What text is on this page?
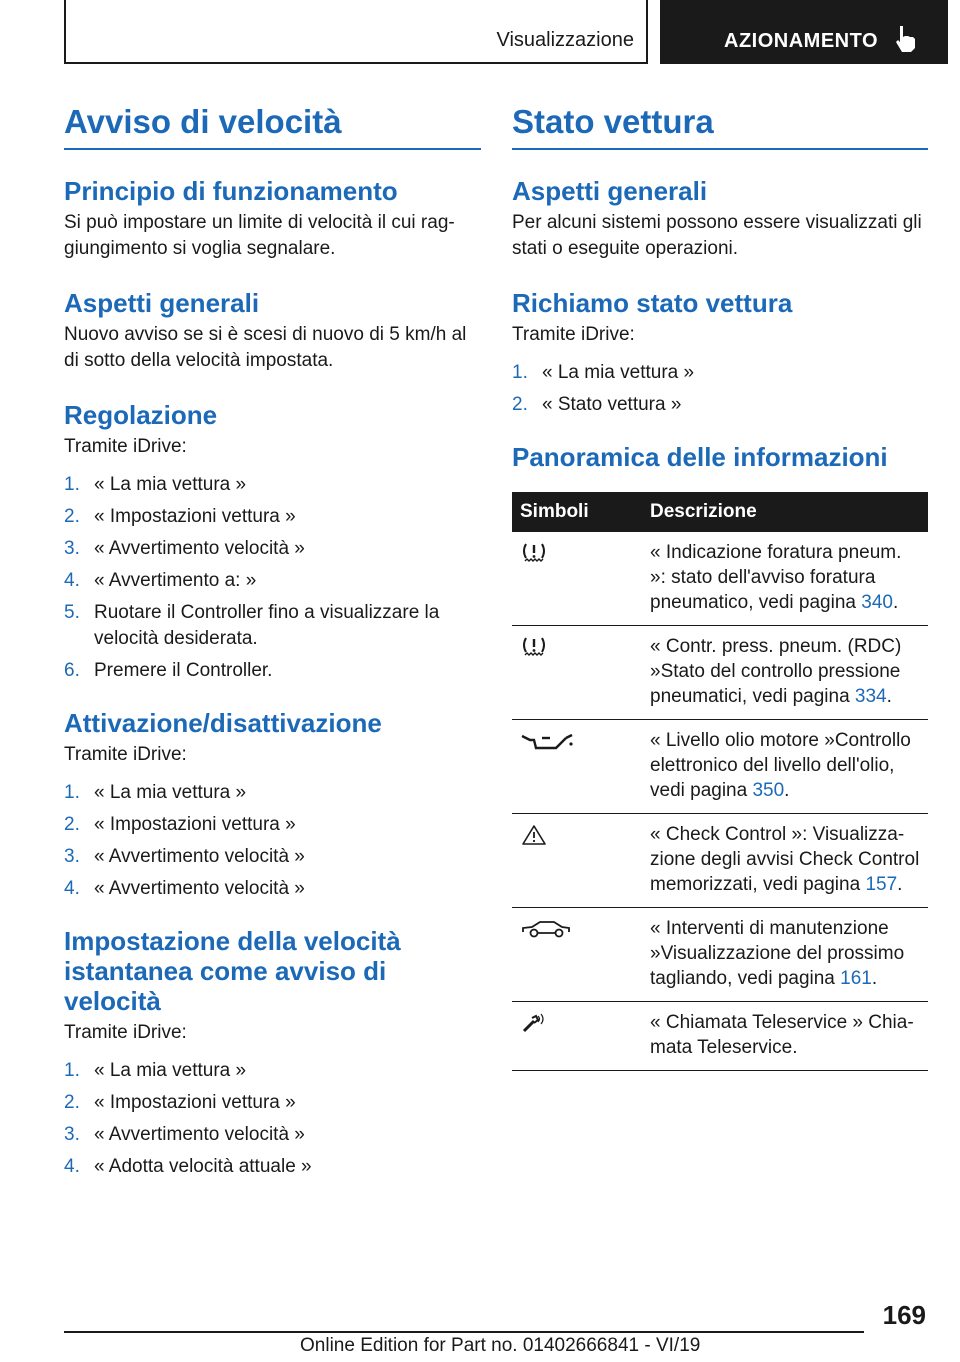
Visualizzazione	AZIONAMENTO
Avviso di velocità
Principio di funzionamento

Si può impostare un limite di velocità il cui raggiungimento si voglia segnalare.

Aspetti generali

Nuovo avviso se si è scesi di nuovo di 5 km/h al di sotto della velocità impostata.

Regolazione

Tramite iDrive:

1. « La mia vettura »
2. « Impostazioni vettura »
3. « Avvertimento velocità »
4. « Avvertimento a: »
5. Ruotare il Controller fino a visualizzare la velocità desiderata.
6. Premere il Controller.
Attivazione/disattivazione

Tramite iDrive:

1. « La mia vettura »
2. « Impostazioni vettura »
3. « Avvertimento velocità »
4. « Avvertimento velocità »
Impostazione della velocità istantanea come avviso di velocità

Tramite iDrive:

1. « La mia vettura »
2. « Impostazioni vettura »
3. « Avvertimento velocità »
4. « Adotta velocità attuale »
Stato vettura
Aspetti generali

Per alcuni sistemi possono essere visualizzati gli stati o eseguite operazioni.

Richiamo stato vettura

Tramite iDrive:

1. « La mia vettura »
2. « Stato vettura »
Panoramica delle informazioni
Simboli	Descrizione

	« Indicazione foratura pneum. »: stato dell'avviso foratura pneumatico, vedi pagina 340.

	« Contr. press. pneum. (RDC) »Stato del controllo pressione pneumatici, vedi pagina 334.

	« Livello olio motore »Controllo elettronico del livello dell'olio, vedi pagina 350.

	« Check Control »: Visualizzazione degli avvisi Check Control memorizzati, vedi pagina 157.

	« Interventi di manutenzione »Visualizzazione del prossimo tagliando, vedi pagina 161.

	« Chiamata Teleservice » Chiamata Teleservice.
169
Online Edition for Part no. 01402666841 - VI/19
